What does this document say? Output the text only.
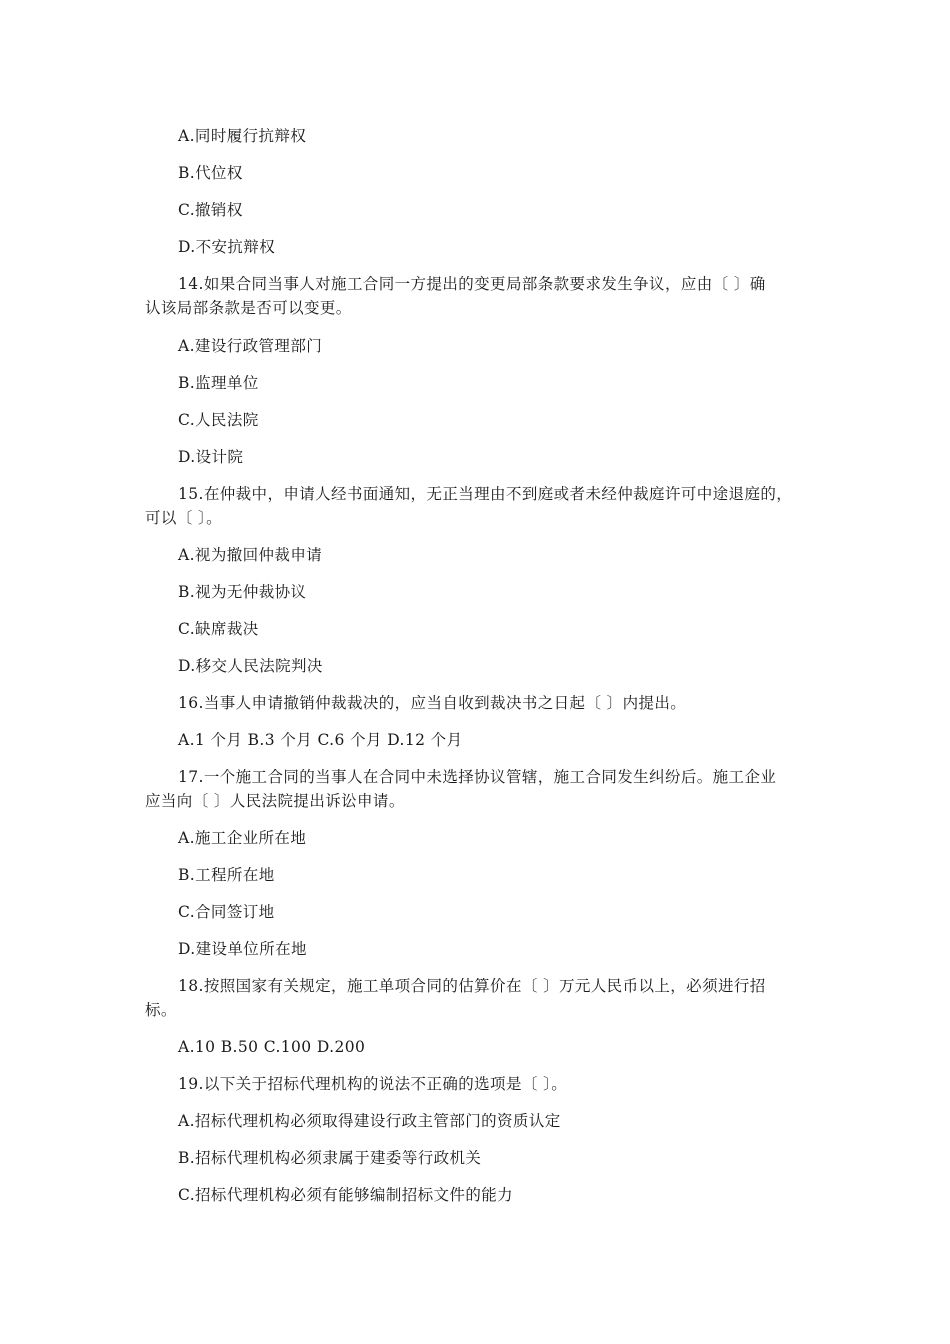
A.同时履行抗辩权
B.代位权
C.撤销权
D.不安抗辩权
14.如果合同当事人对施工合同一方提出的变更局部条款要求发生争议，应由〔 〕确
认该局部条款是否可以变更。
A.建设行政管理部门
B.监理单位
C.人民法院
D.设计院
15.在仲裁中，申请人经书面通知，无正当理由不到庭或者未经仲裁庭许可中途退庭的，
可以〔 〕。
A.视为撤回仲裁申请
B.视为无仲裁协议
C.缺席裁决
D.移交人民法院判决
16.当事人申请撤销仲裁裁决的，应当自收到裁决书之日起〔 〕内提出。
A.1 个月 B.3 个月 C.6 个月 D.12 个月
17.一个施工合同的当事人在合同中未选择协议管辖，施工合同发生纠纷后。施工企业
应当向〔 〕人民法院提出诉讼申请。
A.施工企业所在地
B.工程所在地
C.合同签订地
D.建设单位所在地
18.按照国家有关规定，施工单项合同的估算价在〔 〕万元人民币以上，必须进行招
标。
A.10 B.50 C.100 D.200
19.以下关于招标代理机构的说法不正确的选项是〔 〕。
A.招标代理机构必须取得建设行政主管部门的资质认定
B.招标代理机构必须隶属于建委等行政机关
C.招标代理机构必须有能够编制招标文件的能力
